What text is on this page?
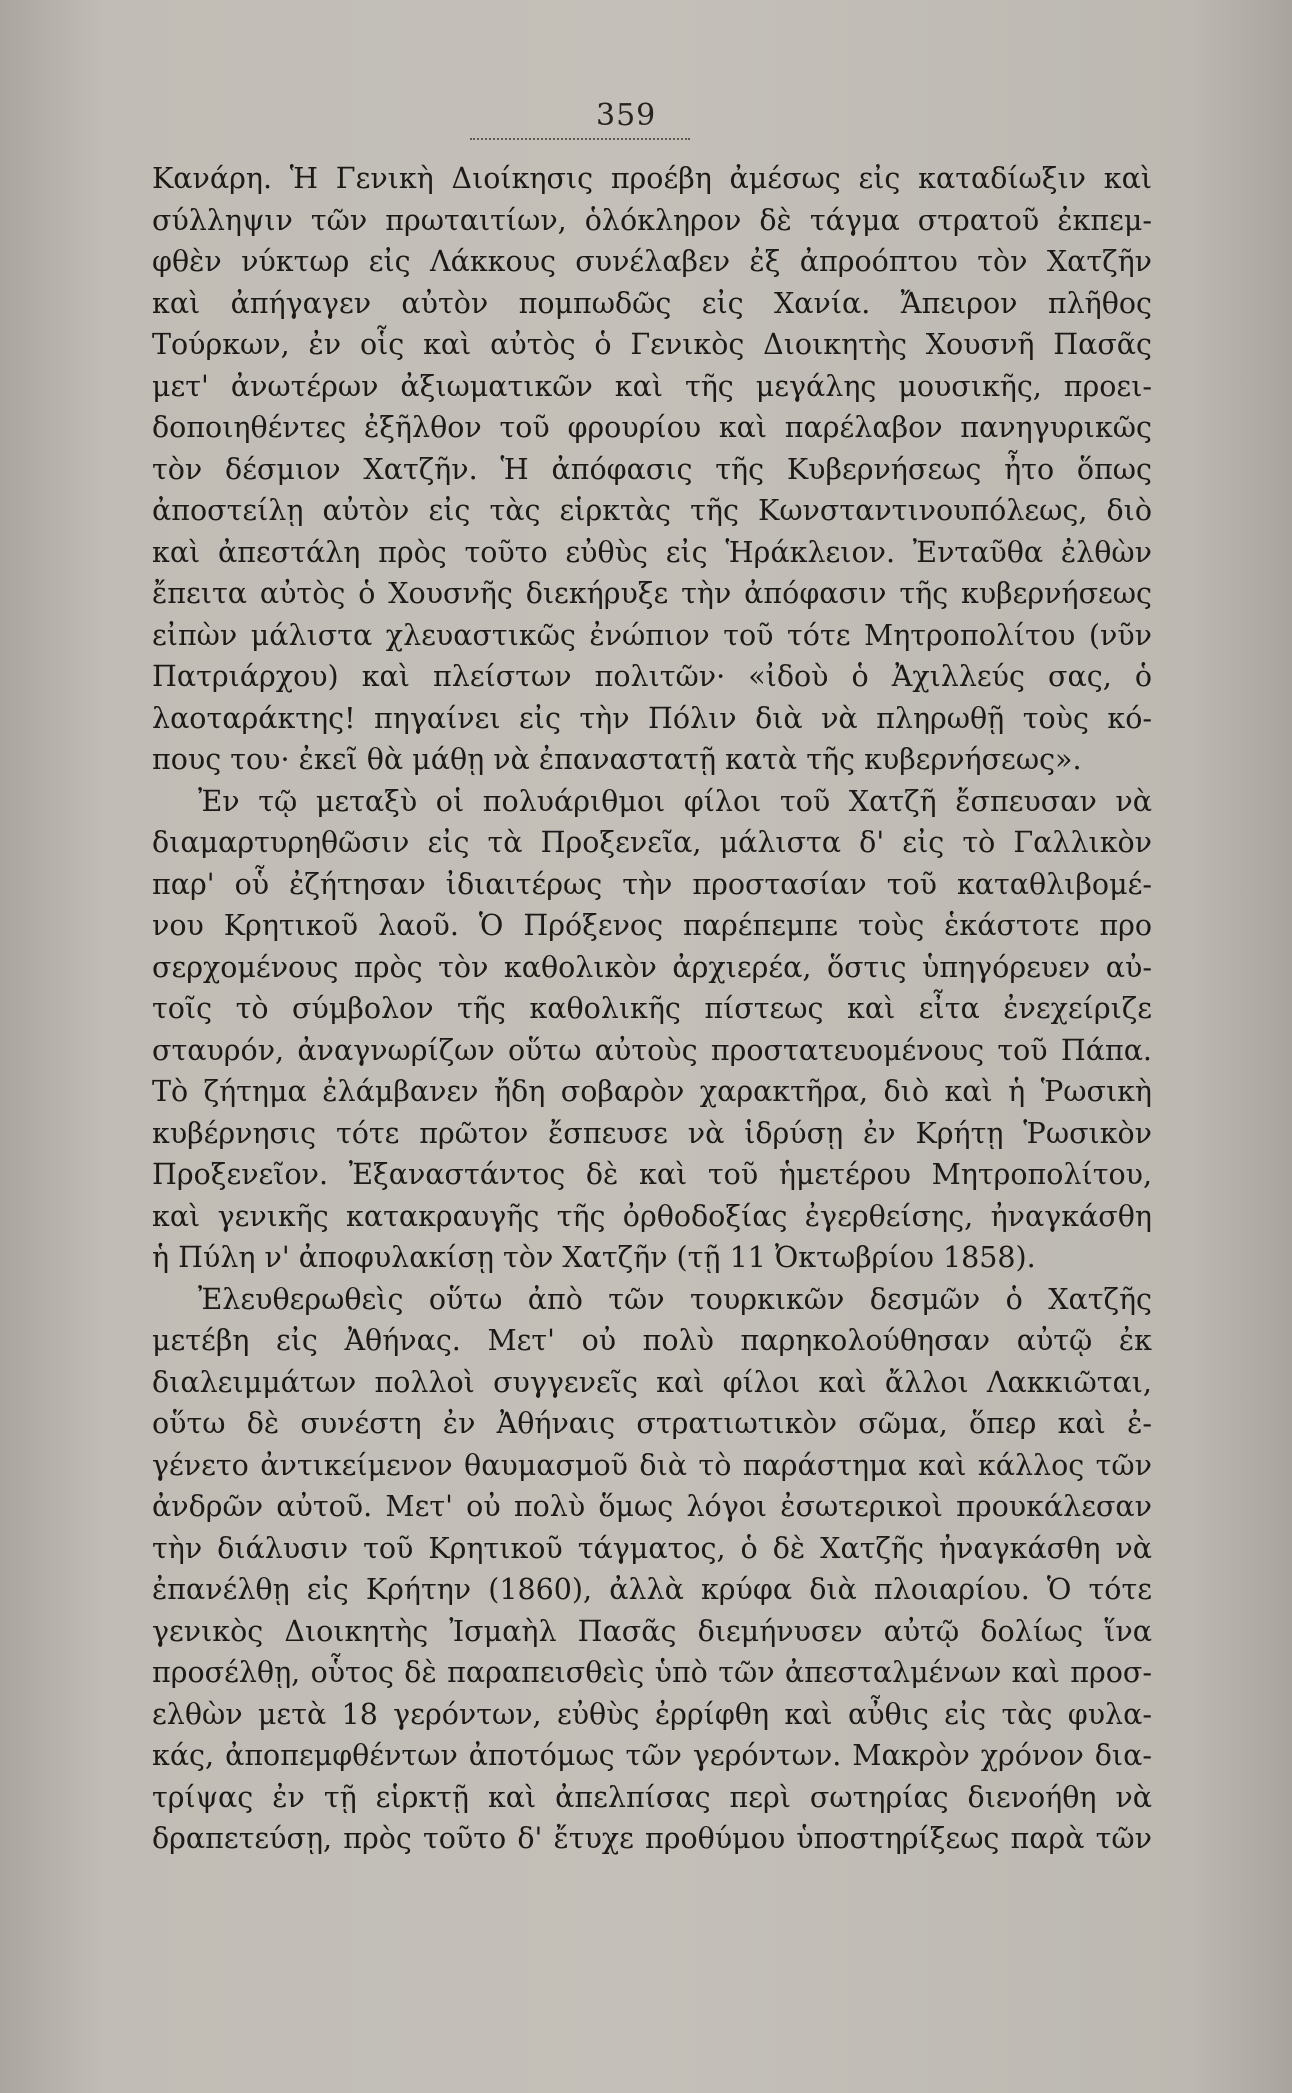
359
Κανάρη. Ἡ Γενικὴ Διοίκησις προέβη ἀμέσως εἰς καταδίωξιν καὶ
σύλληψιν τῶν πρωταιτίων, ὁλόκληρον δὲ τάγμα στρατοῦ ἐκπεμ-
φθὲν νύκτωρ εἰς Λάκκους συνέλαβεν ἐξ ἀπροόπτου τὸν Χατζῆν
καὶ ἀπήγαγεν αὐτὸν πομπωδῶς εἰς Χανία. Ἄπειρον πλῆθος
Τούρκων, ἐν οἷς καὶ αὐτὸς ὁ Γενικὸς Διοικητὴς Χουσνῆ Πασᾶς
μετ' ἀνωτέρων ἀξιωματικῶν καὶ τῆς μεγάλης μουσικῆς, προει-
δοποιηθέντες ἐξῆλθον τοῦ φρουρίου καὶ παρέλαβον πανηγυρικῶς
τὸν δέσμιον Χατζῆν. Ἡ ἀπόφασις τῆς Κυβερνήσεως ἦτο ὅπως
ἀποστείλῃ αὐτὸν εἰς τὰς εἱρκτὰς τῆς Κωνσταντινουπόλεως, διὸ
καὶ ἀπεστάλη πρὸς τοῦτο εὐθὺς εἰς Ἡράκλειον. Ἐνταῦθα ἐλθὼν
ἔπειτα αὐτὸς ὁ Χουσνῆς διεκήρυξε τὴν ἀπόφασιν τῆς κυβερνήσεως
εἰπὼν μάλιστα χλευαστικῶς ἐνώπιον τοῦ τότε Μητροπολίτου (νῦν
Πατριάρχου) καὶ πλείστων πολιτῶν· «ἰδοὺ ὁ Ἀχιλλεύς σας, ὁ
λαοταράκτης! πηγαίνει εἰς τὴν Πόλιν διὰ νὰ πληρωθῇ τοὺς κό-
πους του· ἐκεῖ θὰ μάθῃ νὰ ἐπαναστατῇ κατὰ τῆς κυβερνήσεως».
Ἐν τῷ μεταξὺ οἱ πολυάριθμοι φίλοι τοῦ Χατζῆ ἔσπευσαν νὰ
διαμαρτυρηθῶσιν εἰς τὰ Προξενεῖα, μάλιστα δ' εἰς τὸ Γαλλικὸν
παρ' οὗ ἐζήτησαν ἰδιαιτέρως τὴν προστασίαν τοῦ καταθλιβομέ-
νου Κρητικοῦ λαοῦ. Ὁ Πρόξενος παρέπεμπε τοὺς ἑκάστοτε προ
σερχομένους πρὸς τὸν καθολικὸν ἀρχιερέα, ὅστις ὑπηγόρευεν αὐ-
τοῖς τὸ σύμβολον τῆς καθολικῆς πίστεως καὶ εἶτα ἐνεχείριζε
σταυρόν, ἀναγνωρίζων οὕτω αὐτοὺς προστατευομένους τοῦ Πάπα.
Τὸ ζήτημα ἐλάμβανεν ἤδη σοβαρὸν χαρακτῆρα, διὸ καὶ ἡ Ῥωσικὴ
κυβέρνησις τότε πρῶτον ἔσπευσε νὰ ἱδρύσῃ ἐν Κρήτῃ Ῥωσικὸν
Προξενεῖον. Ἐξαναστάντος δὲ καὶ τοῦ ἡμετέρου Μητροπολίτου,
καὶ γενικῆς κατακραυγῆς τῆς ὀρθοδοξίας ἐγερθείσης, ἠναγκάσθη
ἡ Πύλη ν' ἀποφυλακίσῃ τὸν Χατζῆν (τῇ 11 Ὀκτωβρίου 1858).
Ἐλευθερωθεὶς οὕτω ἀπὸ τῶν τουρκικῶν δεσμῶν ὁ Χατζῆς
μετέβη εἰς Ἀθήνας. Μετ' οὐ πολὺ παρηκολούθησαν αὐτῷ ἐκ
διαλειμμάτων πολλοὶ συγγενεῖς καὶ φίλοι καὶ ἄλλοι Λακκιῶται,
οὕτω δὲ συνέστη ἐν Ἀθήναις στρατιωτικὸν σῶμα, ὅπερ καὶ ἐ-
γένετο ἀντικείμενον θαυμασμοῦ διὰ τὸ παράστημα καὶ κάλλος τῶν
ἀνδρῶν αὐτοῦ. Μετ' οὐ πολὺ ὅμως λόγοι ἐσωτερικοὶ προυκάλεσαν
τὴν διάλυσιν τοῦ Κρητικοῦ τάγματος, ὁ δὲ Χατζῆς ἠναγκάσθη νὰ
ἐπανέλθῃ εἰς Κρήτην (1860), ἀλλὰ κρύφα διὰ πλοιαρίου. Ὁ τότε
γενικὸς Διοικητὴς Ἰσμαὴλ Πασᾶς διεμήνυσεν αὐτῷ δολίως ἵνα
προσέλθῃ, οὗτος δὲ παραπεισθεὶς ὑπὸ τῶν ἀπεσταλμένων καὶ προσ-
ελθὼν μετὰ 18 γερόντων, εὐθὺς ἐρρίφθη καὶ αὖθις εἰς τὰς φυλα-
κάς, ἀποπεμφθέντων ἀποτόμως τῶν γερόντων. Μακρὸν χρόνον δια-
τρίψας ἐν τῇ εἱρκτῇ καὶ ἀπελπίσας περὶ σωτηρίας διενοήθη νὰ
δραπετεύσῃ, πρὸς τοῦτο δ' ἔτυχε προθύμου ὑποστηρίξεως παρὰ τῶν
